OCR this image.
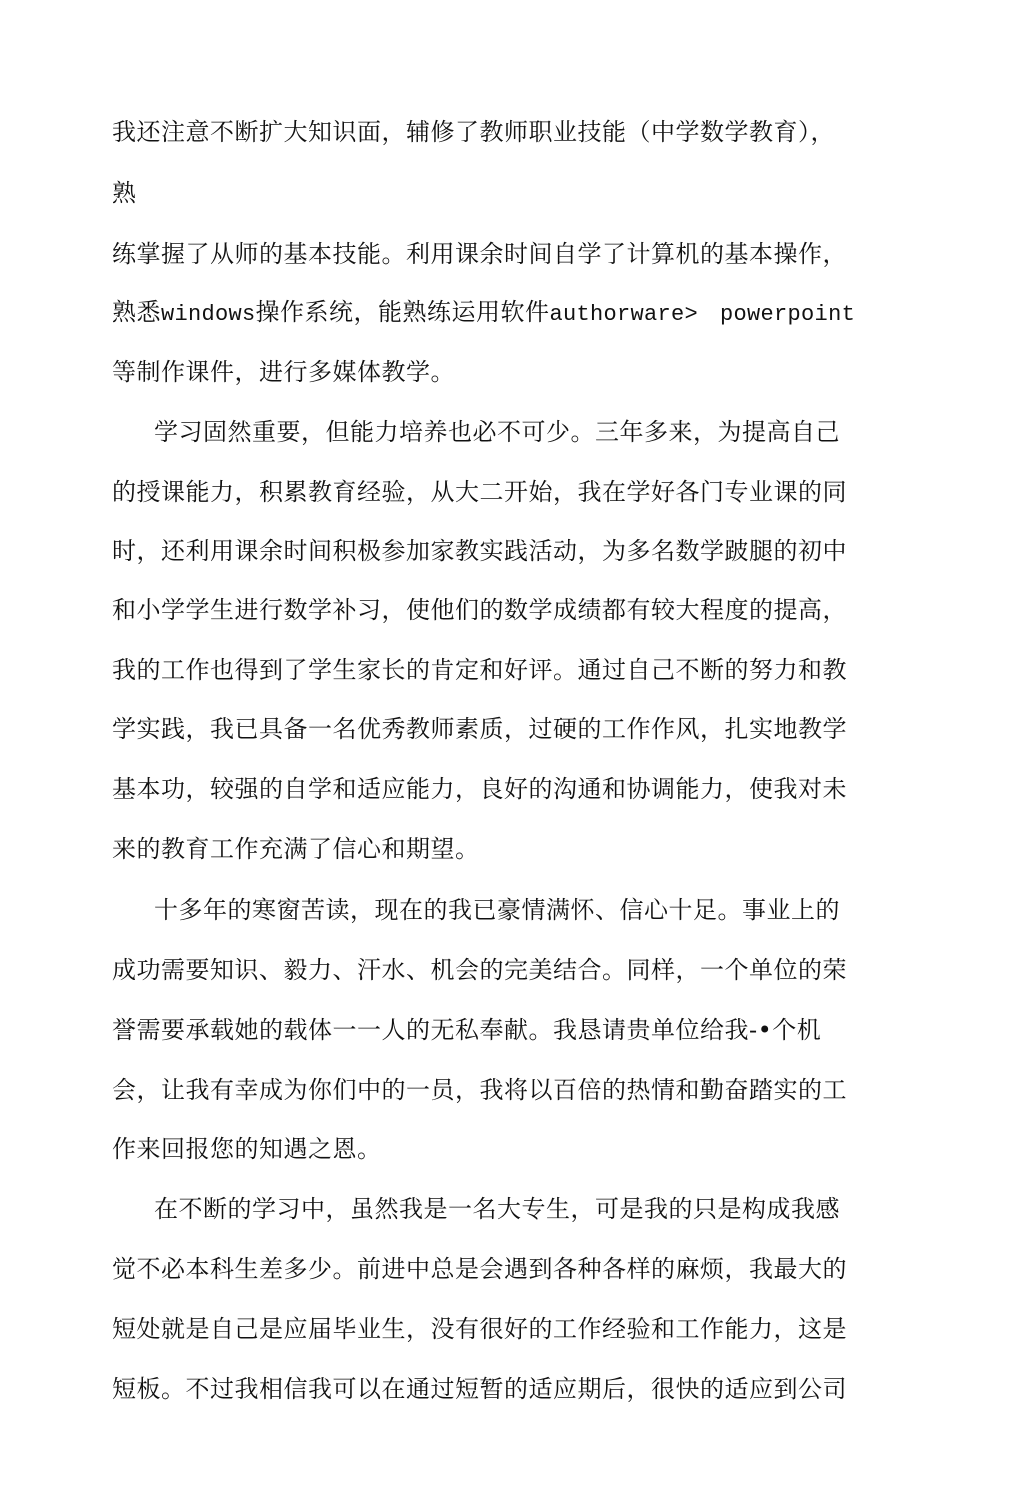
我还注意不断扩大知识面，辅修了教师职业技能（中学数学教育），
熟
练掌握了从师的基本技能。利用课余时间自学了计算机的基本操作，
熟悉windows操作系统，能熟练运用软件authorware> powerpoint
等制作课件，进行多媒体教学。
学习固然重要，但能力培养也必不可少。三年多来，为提高自己
的授课能力，积累教育经验，从大二开始，我在学好各门专业课的同
时，还利用课余时间积极参加家教实践活动，为多名数学跛腿的初中
和小学学生进行数学补习，使他们的数学成绩都有较大程度的提高，
我的工作也得到了学生家长的肯定和好评。通过自己不断的努力和教
学实践，我已具备一名优秀教师素质，过硬的工作作风，扎实地教学
基本功，较强的自学和适应能力，良好的沟通和协调能力，使我对未
来的教育工作充满了信心和期望。
十多年的寒窗苦读，现在的我已豪情满怀、信心十足。事业上的
成功需要知识、毅力、汗水、机会的完美结合。同样，一个单位的荣
誉需要承载她的载体一一人的无私奉献。我恳请贵单位给我-•个机
会，让我有幸成为你们中的一员，我将以百倍的热情和勤奋踏实的工
作来回报您的知遇之恩。
在不断的学习中，虽然我是一名大专生，可是我的只是构成我感
觉不必本科生差多少。前进中总是会遇到各种各样的麻烦，我最大的
短处就是自己是应届毕业生，没有很好的工作经验和工作能力，这是
短板。不过我相信我可以在通过短暂的适应期后，很快的适应到公司
